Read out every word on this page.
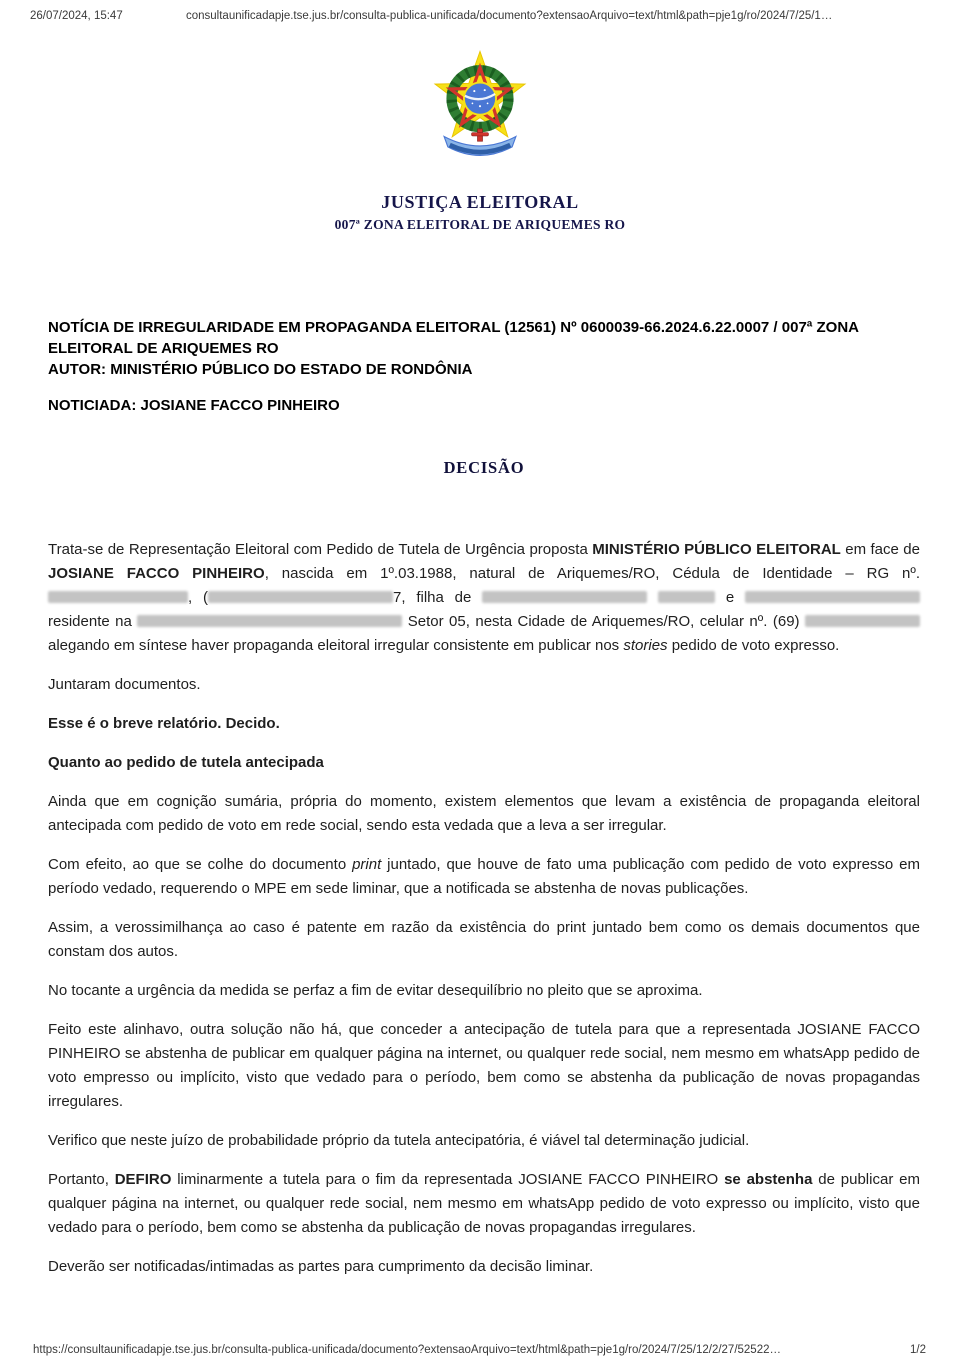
26/07/2024, 15:47	consultaunificadapje.tse.jus.br/consulta-publica-unificada/documento?extensaoArquivo=text/html&path=pje1g/ro/2024/7/25/1…
JUSTIÇA ELEITORAL
007ª ZONA ELEITORAL DE ARIQUEMES RO
NOTÍCIA DE IRREGULARIDADE EM PROPAGANDA ELEITORAL (12561) Nº 0600039-66.2024.6.22.0007 / 007ª ZONA ELEITORAL DE ARIQUEMES RO
AUTOR: MINISTÉRIO PÚBLICO DO ESTADO DE RONDÔNIA
NOTICIADA: JOSIANE FACCO PINHEIRO
DECISÃO

Trata-se de Representação Eleitoral com Pedido de Tutela de Urgência proposta MINISTÉRIO PÚBLICO ELEITORAL em face de JOSIANE FACCO PINHEIRO, nascida em 1º.03.1988, natural de Ariquemes/RO, Cédula de Identidade – RG nº. , (	7, filha de	e  residente na	Setor 05, nesta Cidade de Ariquemes/RO, celular nº. (69)  alegando em síntese haver propaganda eleitoral irregular consistente em publicar nos stories pedido de voto expresso.

Juntaram documentos.

Esse é o breve relatório. Decido.

Quanto ao pedido de tutela antecipada

Ainda que em cognição sumária, própria do momento, existem elementos que levam a existência de propaganda eleitoral antecipada com pedido de voto em rede social, sendo esta vedada que a leva a ser irregular.

Com efeito, ao que se colhe do documento print juntado, que houve de fato uma publicação com pedido de voto expresso em período vedado, requerendo o MPE em sede liminar, que a notificada se abstenha de novas publicações.

Assim, a verossimilhança ao caso é patente em razão da existência do print juntado bem como os demais documentos que constam dos autos.

No tocante a urgência da medida se perfaz a fim de evitar desequilíbrio no pleito que se aproxima.

Feito este alinhavo, outra solução não há, que conceder a antecipação de tutela para que a representada JOSIANE FACCO PINHEIRO se abstenha de publicar em qualquer página na internet, ou qualquer rede social, nem mesmo em whatsApp pedido de voto empresso ou implícito, visto que vedado para o período, bem como se abstenha da publicação de novas propagandas irregulares.

Verifico que neste juízo de probabilidade próprio da tutela antecipatória, é viável tal determinação judicial.

Portanto, DEFIRO liminarmente a tutela para o fim da representada JOSIANE FACCO PINHEIRO se abstenha de publicar em qualquer página na internet, ou qualquer rede social, nem mesmo em whatsApp pedido de voto expresso ou implícito, visto que vedado para o período, bem como se abstenha da publicação de novas propagandas irregulares.

Deverão ser notificadas/intimadas as partes para cumprimento da decisão liminar.

https://consultaunificadapje.tse.jus.br/consulta-publica-unificada/documento?extensaoArquivo=text/html&path=pje1g/ro/2024/7/25/12/2/27/52522…	1/2
